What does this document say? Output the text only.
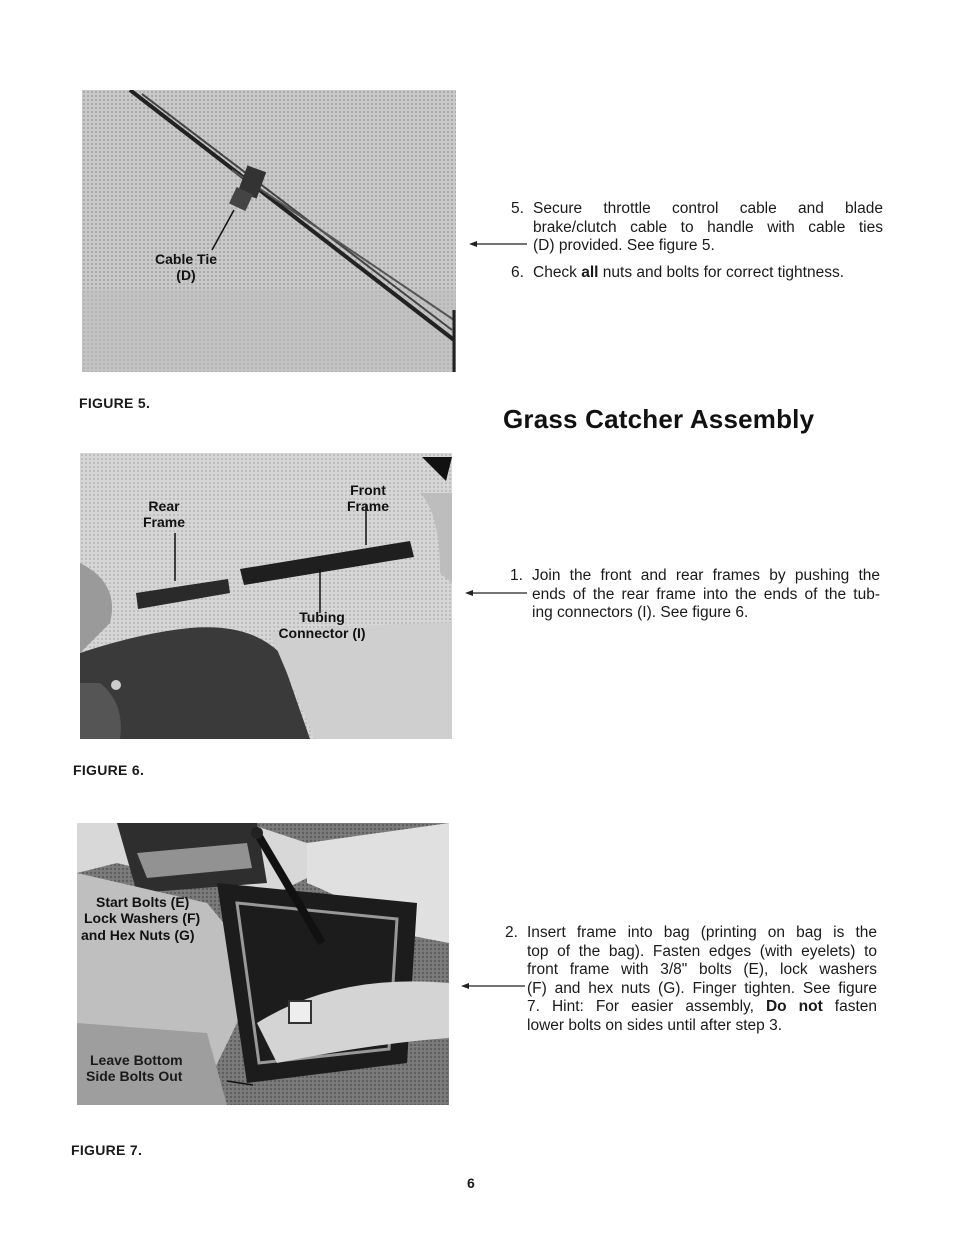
Cable Tie
(D)
FIGURE 5.
5. Secure throttle control cable and blade
brake/clutch cable to handle with cable ties
(D) provided. See figure 5.
6. Check all nuts and bolts for correct tightness.
Grass Catcher Assembly
Rear
Frame
Front
Frame
Tubing
Connector (I)
FIGURE 6.
1. Join the front and rear frames by pushing the
ends of the rear frame into the ends of the tub-
ing connectors (I). See figure 6.
Start Bolts (E)
Lock Washers (F)
and Hex Nuts (G)
Leave Bottom
Side Bolts Out
FIGURE 7.
2. Insert frame into bag (printing on bag is the
top of the bag). Fasten edges (with eyelets) to
front frame with 3/8" bolts (E), lock washers
(F) and hex nuts (G). Finger tighten. See figure
7. Hint: For easier assembly, Do not fasten
lower bolts on sides until after step 3.
6
